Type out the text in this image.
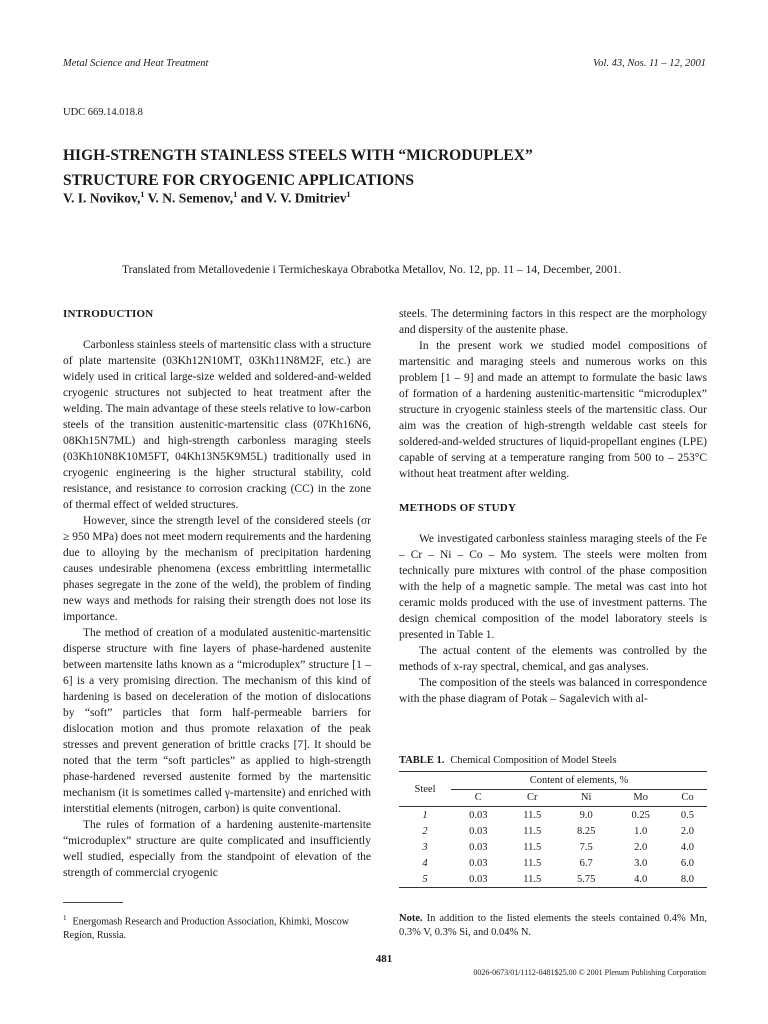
Metal Science and Heat Treatment	Vol. 43, Nos. 11 – 12, 2001
UDC 669.14.018.8
HIGH-STRENGTH STAINLESS STEELS WITH “MICRODUPLEX”
STRUCTURE FOR CRYOGENIC APPLICATIONS
V. I. Novikov,$^1$ V. N. Semenov,$^1$ and V. V. Dmitriev$^1$
Translated from Metallovedenie i Termicheskaya Obrabotka Metallov, No. 12, pp. 11 – 14, December, 2001.

INTRODUCTION

Carbonless stainless steels of martensitic class with a structure of plate martensite (03Kh12N10MT, 03Kh11N8M2F, etc.) are widely used in critical large-size welded and soldered-and-welded cryogenic structures not subjected to heat treatment after the welding. The main advantage of these steels relative to low-carbon steels of the transition austenitic-martensitic class (07Kh16N6, 08Kh15N7ML) and high-strength carbonless maraging steels (03Kh10N8K10M5FT, 04Kh13N5K9M5L) traditionally used in cryogenic engineering is the higher structural stability, cold resistance, and resistance to corrosion cracking (CC) in the zone of thermal effect of welded structures.

However, since the strength level of the considered steels (σr ≥ 950 MPa) does not meet modern requirements and the hardening due to alloying by the mechanism of precipitation hardening causes undesirable phenomena (excess embrittling intermetallic phases segregate in the zone of the weld), the problem of finding new ways and methods for raising their strength does not lose its importance.

The method of creation of a modulated austenitic-martensitic disperse structure with fine layers of phase-hardened austenite between martensite laths known as a “microduplex” structure [1 – 6] is a very promising direction. The mechanism of this kind of hardening is based on deceleration of the motion of dislocations by “soft” particles that form half-permeable barriers for dislocation motion and thus promote relaxation of the peak stresses and prevent generation of brittle cracks [7]. It should be noted that the term “soft particles” as applied to high-strength phase-hardened reversed austenite formed by the martensitic mechanism (it is sometimes called γ-martensite) and enriched with interstitial elements (nitrogen, carbon) is quite conventional.

The rules of formation of a hardening austenite-martensite “microduplex” structure are quite complicated and insufficiently well studied, especially from the standpoint of elevation of the strength of commercial cryogenic

steels. The determining factors in this respect are the morphology and dispersity of the austenite phase.

In the present work we studied model compositions of martensitic and maraging steels and numerous works on this problem [1 – 9] and made an attempt to formulate the basic laws of formation of a hardening austenitic-martensitic “microduplex” structure in cryogenic stainless steels of the martensitic class. Our aim was the creation of high-strength weldable cast steels for soldered-and-welded structures of liquid-propellant engines (LPE) capable of serving at a temperature ranging from 500 to – 253°C without heat treatment after welding.

METHODS OF STUDY

We investigated carbonless stainless maraging steels of the Fe – Cr – Ni – Co – Mo system. The steels were molten from technically pure mixtures with control of the phase composition with the help of a magnetic sample. The metal was cast into hot ceramic molds produced with the use of investment patterns. The design chemical composition of the model laboratory steels is presented in Table 1.

The actual content of the elements was controlled by the methods of x-ray spectral, chemical, and gas analyses.

The composition of the steels was balanced in correspondence with the phase diagram of Potak – Sagalevich with al-

TABLE 1. Chemical Composition of Model Steels
Steel	Content of elements, %				
	C	Cr	Ni	Mo	Co
1	0.03	11.5	9.0	0.25	0.5
2	0.03	11.5	8.25	1.0	2.0
3	0.03	11.5	7.5	2.0	4.0
4	0.03	11.5	6.7	3.0	6.0
5	0.03	11.5	5.75	4.0	8.0
Note. In addition to the listed elements the steels contained 0.4% Mn, 0.3% V, 0.3% Si, and 0.04% N.
$^1$ Energomash Research and Production Association, Khimki, Moscow Region, Russia.
481
0026-0673/01/1112-0481$25.00 © 2001 Plenum Publishing Corporation
